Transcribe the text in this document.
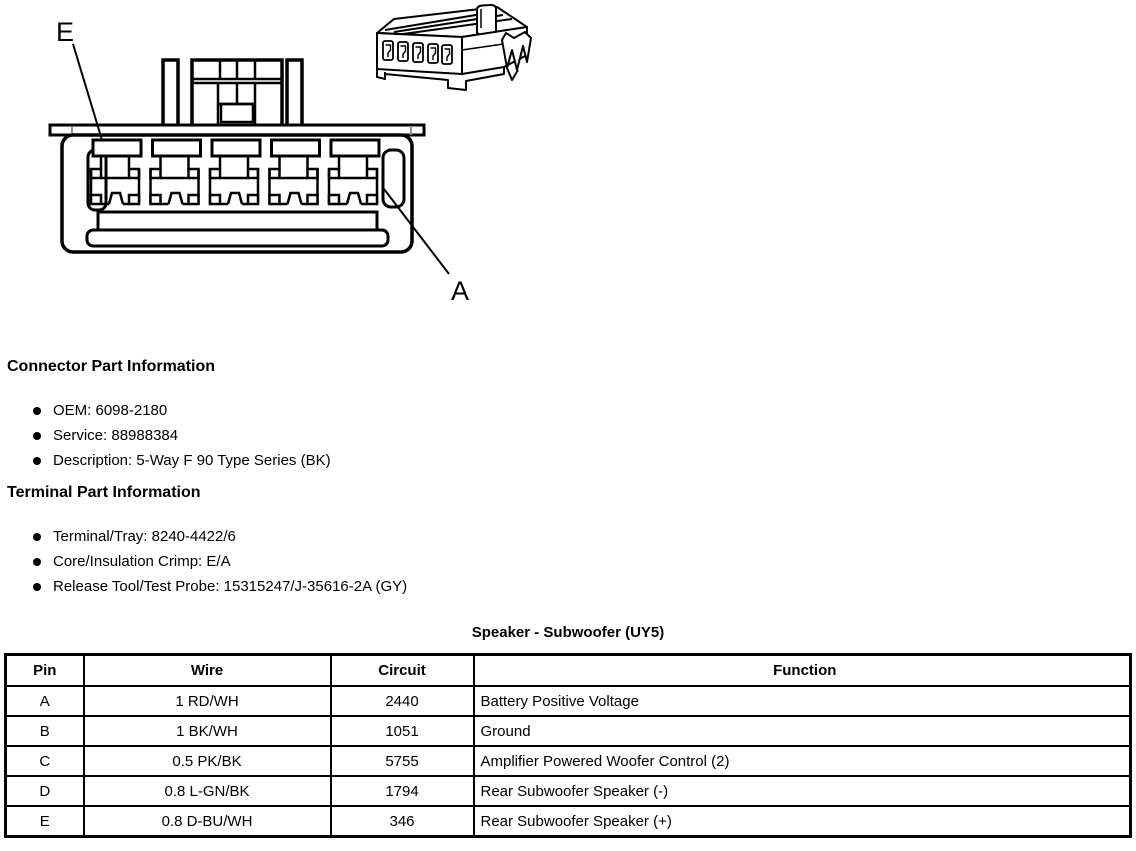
E
A

Connector Part Information

OEM: 6098-2180
Service: 88988384
Description: 5-Way F 90 Type Series (BK)

Terminal Part Information

Terminal/Tray: 8240-4422/6
Core/Insulation Crimp: E/A
Release Tool/Test Probe: 15315247/J-35616-2A (GY)
Speaker - Subwoofer (UY5)
Pin	Wire	Circuit	Function
A	1 RD/WH	2440	Battery Positive Voltage
B	1 BK/WH	1051	Ground
C	0.5 PK/BK	5755	Amplifier Powered Woofer Control (2)
D	0.8 L-GN/BK	1794	Rear Subwoofer Speaker (-)
E	0.8 D-BU/WH	346	Rear Subwoofer Speaker (+)
